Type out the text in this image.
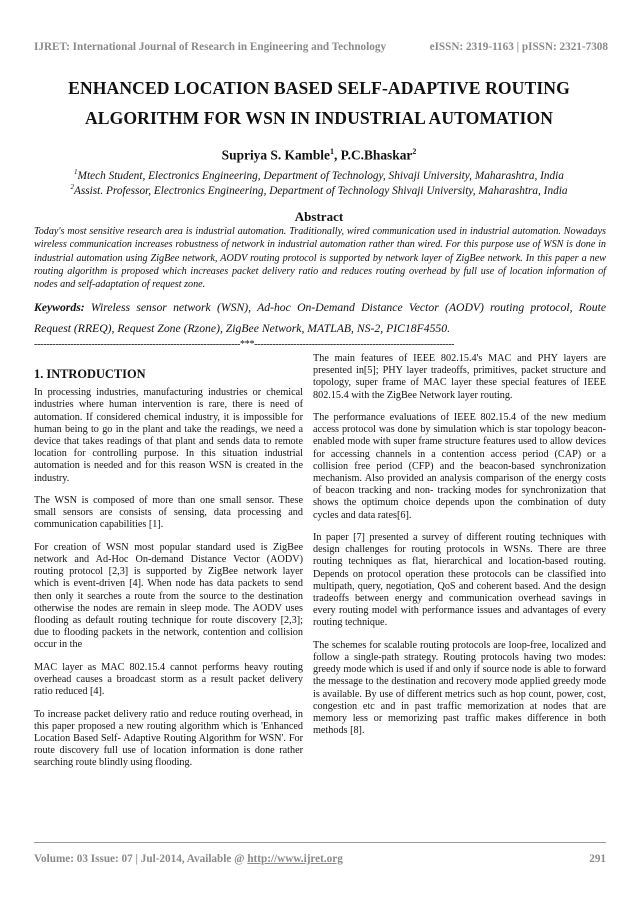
IJRET: International Journal of Research in Engineering and Technology	eISSN: 2319-1163 | pISSN: 2321-7308
ENHANCED LOCATION BASED SELF-ADAPTIVE ROUTING
ALGORITHM FOR WSN IN INDUSTRIAL AUTOMATION
Supriya S. Kamble$^1$, P.C.Bhaskar$^2$
$^1$Mtech Student, Electronics Engineering, Department of Technology, Shivaji University, Maharashtra, India
$^2$Assist. Professor, Electronics Engineering, Department of Technology Shivaji University, Maharashtra, India
Abstract
Today's most sensitive research area is industrial automation. Traditionally, wired communication used in industrial automation. Nowadays wireless communication increases robustness of network in industrial automation rather than wired. For this purpose use of WSN is done in industrial automation using ZigBee network, AODV routing protocol is supported by network layer of ZigBee network. In this paper a new routing algorithm is proposed which increases packet delivery ratio and reduces routing overhead by full use of location information of nodes and self-adaptation of request zone.
Keywords: Wireless sensor network (WSN), Ad-hoc On-Demand Distance Vector (AODV) routing protocol, Route Request (RREQ), Request Zone (Rzone), ZigBee Network, MATLAB, NS-2, PIC18F4550.
--------------------------------------------------------------------***------------------------------------------------------------------
1. INTRODUCTION

In processing industries, manufacturing industries or chemical industries where human intervention is rare, there is need of automation. If considered chemical industry, it is impossible for human being to go in the plant and take the readings, we need a device that takes readings of that plant and sends data to remote location for controlling purpose. In this situation industrial automation is needed and for this reason WSN is created in the industry.

The WSN is composed of more than one small sensor. These small sensors are consists of sensing, data processing and communication capabilities [1].

For creation of WSN most popular standard used is ZigBee network and Ad-Hoc On-demand Distance Vector (AODV) routing protocol [2,3] is supported by ZigBee network layer which is event-driven [4]. When node has data packets to send then only it searches a route from the source to the destination otherwise the nodes are remain in sleep mode. The AODV uses flooding as default routing technique for route discovery [2,3]; due to flooding packets in the network, contention and collision occur in the

MAC layer as MAC 802.15.4 cannot performs heavy routing overhead causes a broadcast storm as a result packet delivery ratio reduced [4].

To increase packet delivery ratio and reduce routing overhead, in this paper proposed a new routing algorithm which is 'Enhanced Location Based Self- Adaptive Routing Algorithm for WSN'. For route discovery full use of location information is done rather searching route blindly using flooding.

The main features of IEEE 802.15.4's MAC and PHY layers are presented in[5]; PHY layer tradeoffs, primitives, packet structure and topology, super frame of MAC layer these special features of IEEE 802.15.4 with the ZigBee Network layer routing.

The performance evaluations of IEEE 802.15.4 of the new medium access protocol was done by simulation which is star topology beacon-enabled mode with super frame structure features used to allow devices for accessing channels in a contention access period (CAP) or a collision free period (CFP) and the beacon-based synchronization mechanism. Also provided an analysis comparison of the energy costs of beacon tracking and non- tracking modes for synchronization that shows the optimum choice depends upon the combination of duty cycles and data rates[6].

In paper [7] presented a survey of different routing techniques with design challenges for routing protocols in WSNs. There are three routing techniques as flat, hierarchical and location-based routing. Depends on protocol operation these protocols can be classified into multipath, query, negotiation, QoS and coherent based. And the design tradeoffs between energy and communication overhead savings in every routing model with performance issues and advantages of every routing technique.

The schemes for scalable routing protocols are loop-free, localized and follow a single-path strategy. Routing protocols having two modes: greedy mode which is used if and only if source node is able to forward the message to the destination and recovery mode applied greedy mode is available. By use of different metrics such as hop count, power, cost, congestion etc and in past traffic memorization at nodes that are memory less or memorizing past traffic makes difference in both methods [8].

Volume: 03 Issue: 07 | Jul-2014, Available @ http://www.ijret.org	291
